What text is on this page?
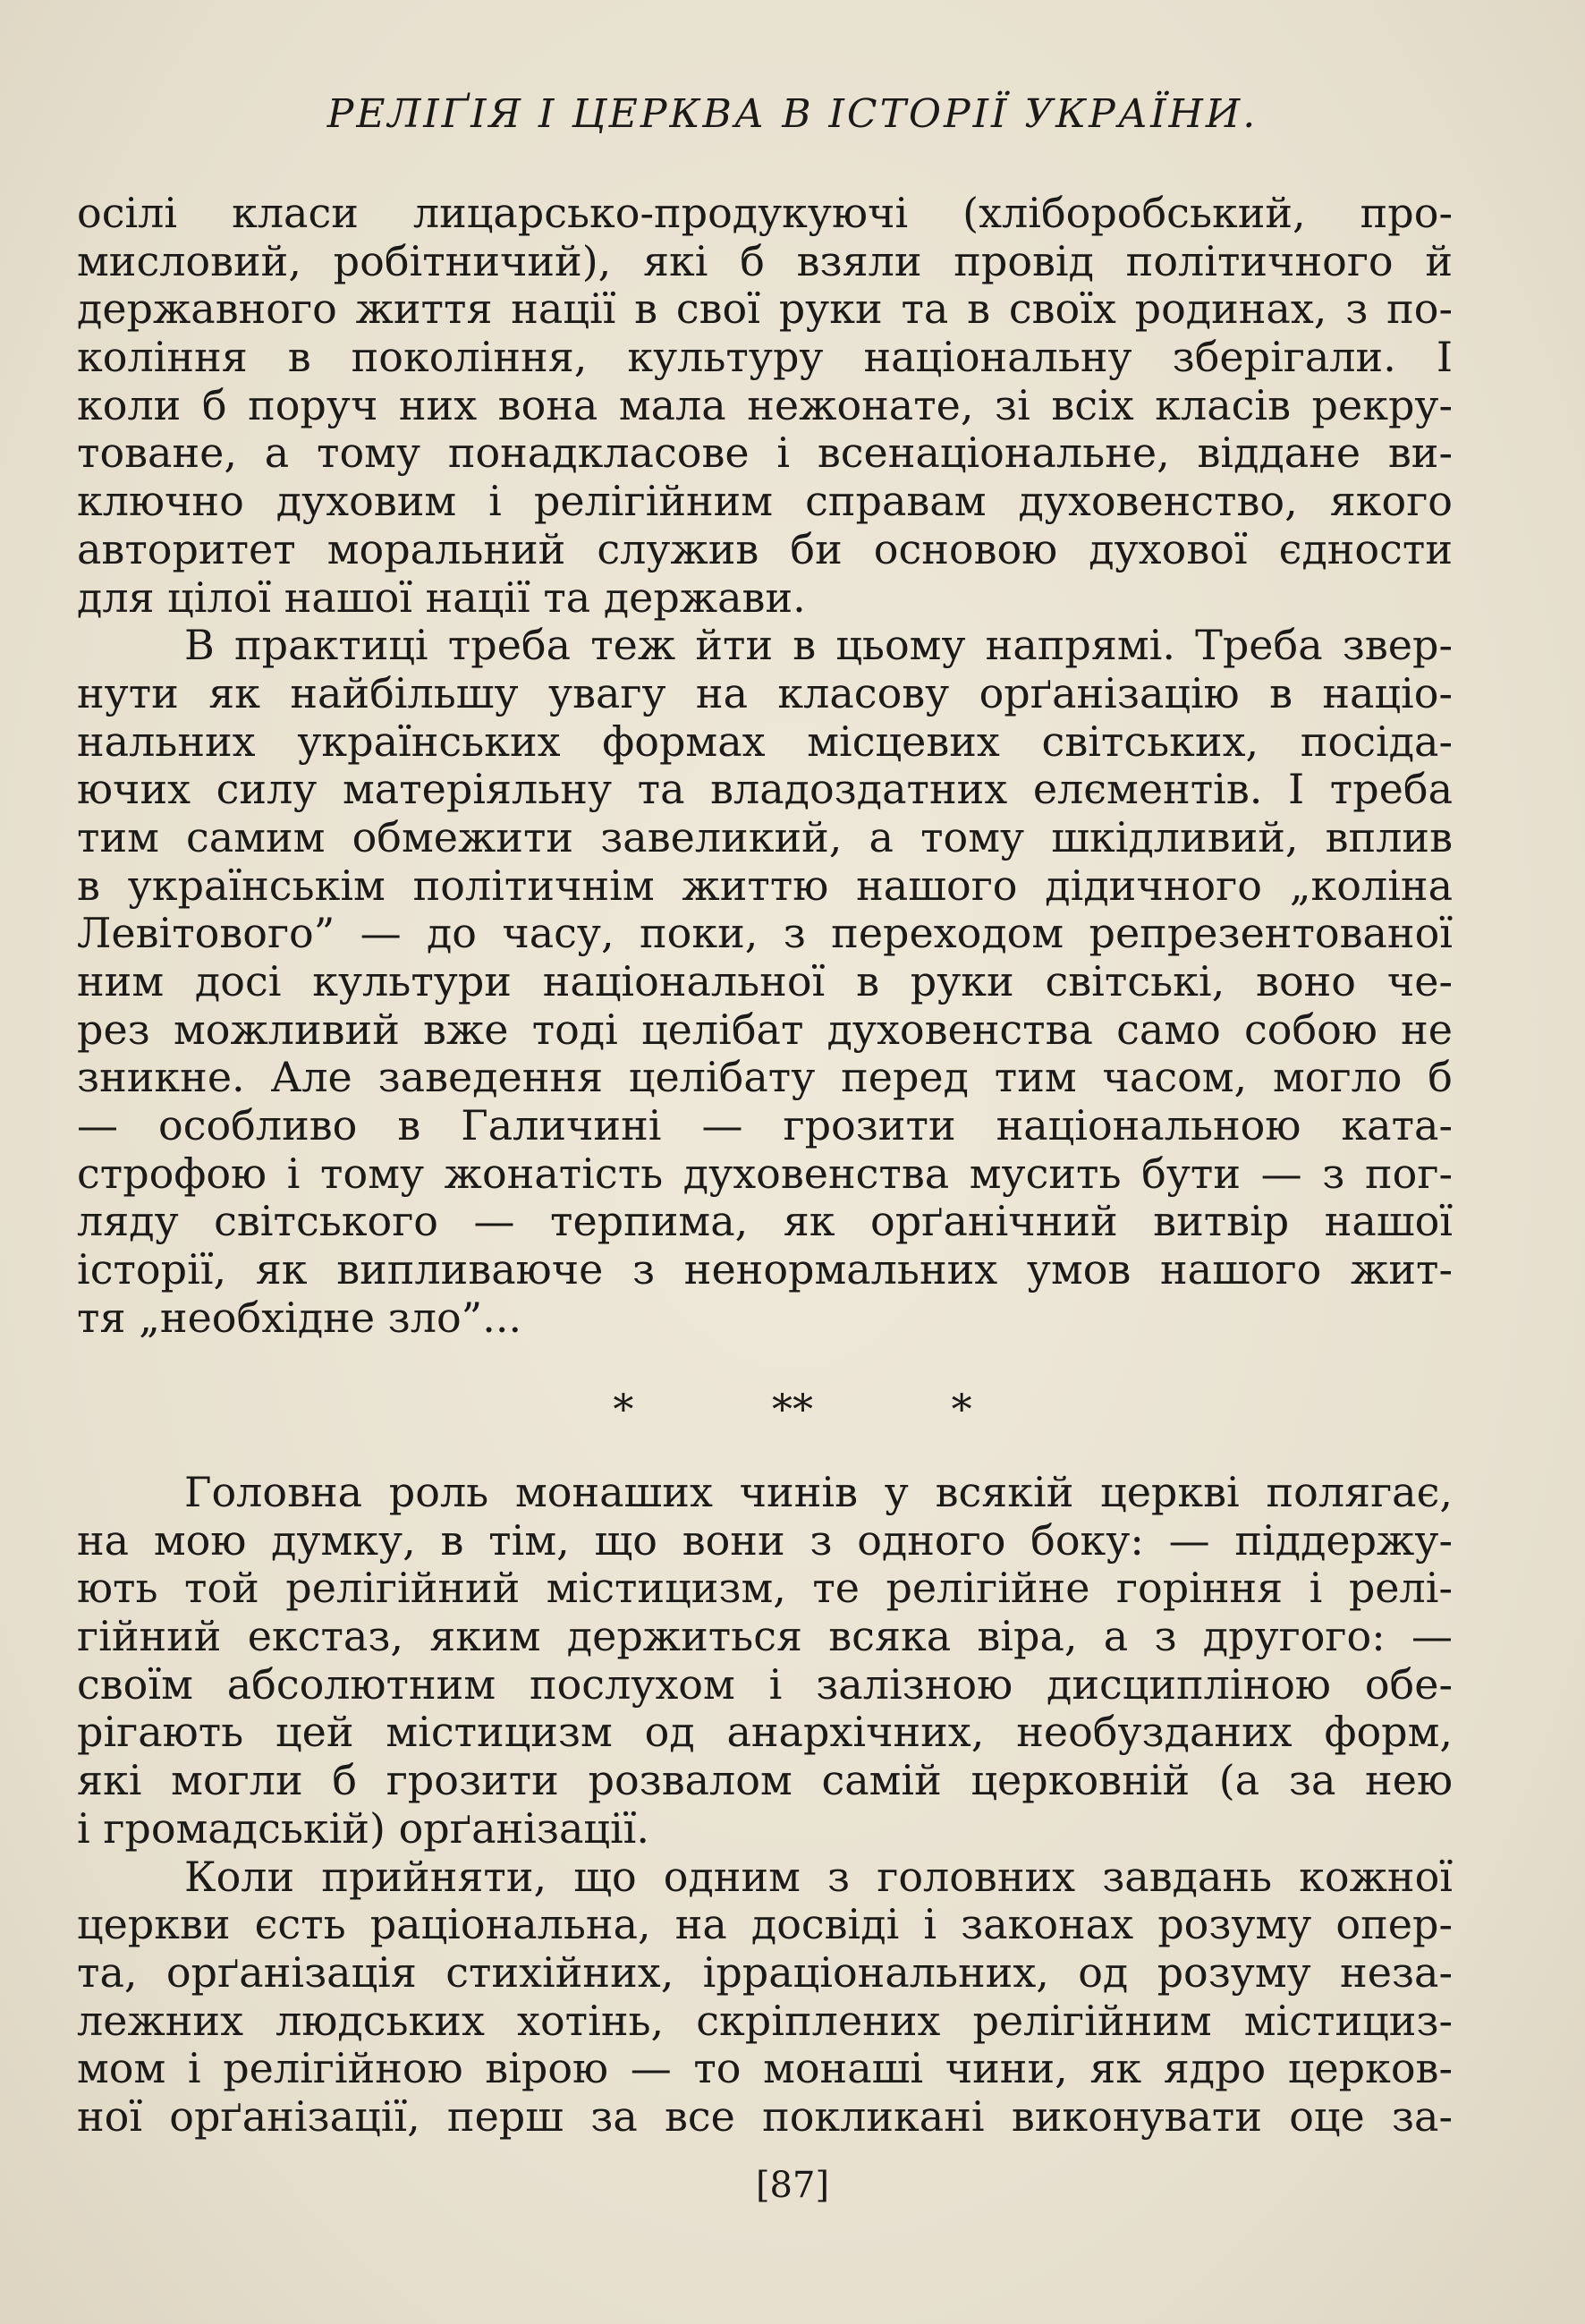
РЕЛІҐІЯ І ЦЕРКВА В ІСТОРІЇ УКРАЇНИ.
осілі класи лицарсько-продукуючі (хліборобський, про-
мисловий, робітничий), які б взяли провід політичного й
державного життя нації в свої руки та в своїх родинах, з по-
коління в покоління, культуру національну зберігали. І
коли б поруч них вона мала нежонате, зі всіх класів рекру-
товане, а тому понадкласове і всенаціональне, віддане ви-
ключно духовим і релігійним справам духовенство, якого
авторитет моральний служив би основою духової єдности
для цілої нашої нації та держави.
В практиці треба теж йти в цьому напрямі. Треба звер-
нути як найбільшу увагу на класову орґанізацію в націо-
нальних українських формах місцевих світських, посіда-
ючих силу матеріяльну та владоздатних елєментів. І треба
тим самим обмежити завеликий, а тому шкідливий, вплив
в українськім політичнім життю нашого дідичного „коліна
Левітового” — до часу, поки, з переходом репрезентованої
ним досі культури національної в руки світські, воно че-
рез можливий вже тоді целібат духовенства само собою не
зникне. Але заведення целібату перед тим часом, могло б
— особливо в Галичині — грозити національною ката-
строфою і тому жонатість духовенства мусить бути — з пог-
ляду світського — терпима, як орґанічний витвір нашої
історії, як випливаюче з ненормальних умов нашого жит-
тя „необхідне зло”...
*	**	*
Головна роль монаших чинів у всякій церкві полягає,
на мою думку, в тім, що вони з одного боку: — піддержу-
ють той релігійний містицизм, те релігійне горіння і релі-
гійний екстаз, яким держиться всяка віра, а з другого: —
своїм абсолютним послухом і залізною дисципліною обе-
рігають цей містицизм од анархічних, необузданих форм,
які могли б грозити розвалом самій церковній (а за нею
і громадській) орґанізації.
Коли прийняти, що одним з головних завдань кожної
церкви єсть раціональна, на досвіді і законах розуму опер-
та, орґанізація стихійних, ірраціональних, од розуму неза-
лежних людських хотінь, скріплених релігійним містициз-
мом і релігійною вірою — то монаші чини, як ядро церков-
ної орґанізації, перш за все покликані виконувати оце за-
[87]
